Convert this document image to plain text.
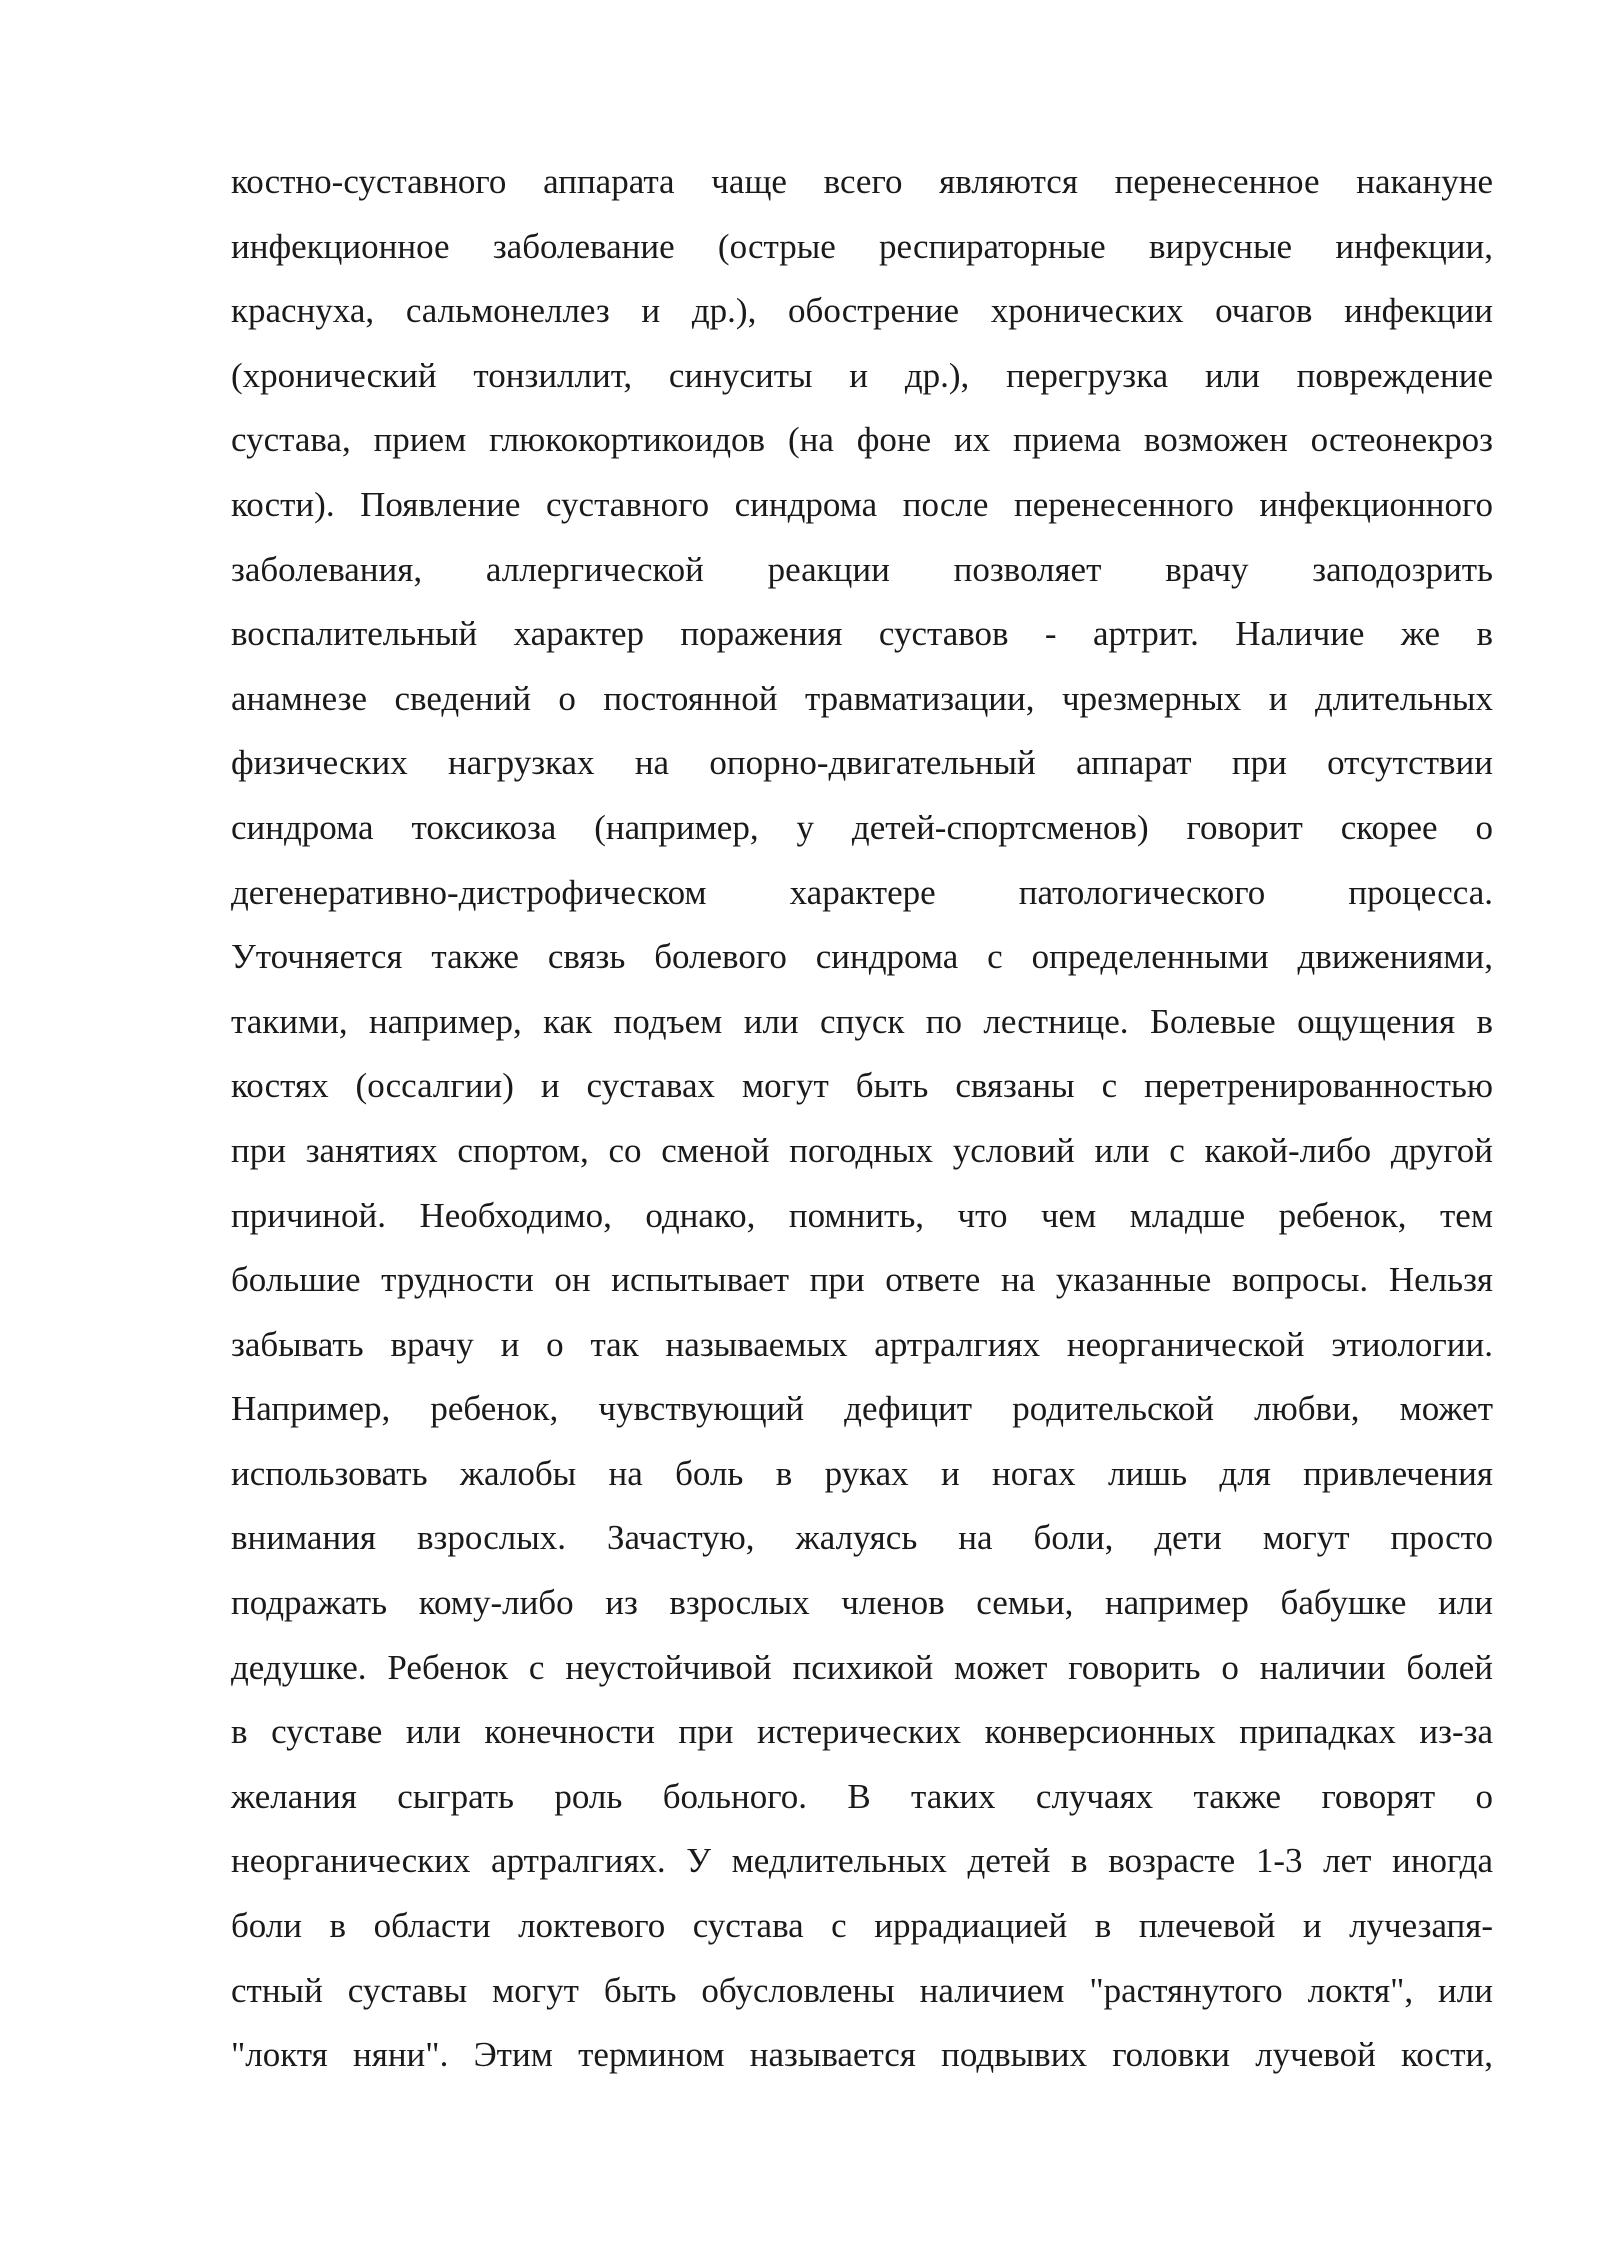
костно-суставного аппарата чаще всего являются перенесенное накануне
инфекционное заболевание (острые респираторные вирусные инфекции,
краснуха, сальмонеллез и др.), обострение хронических очагов инфекции
(хронический тонзиллит, синуситы и др.), перегрузка или повреждение
сустава, прием глюкокортикоидов (на фоне их приема возможен остеонекроз
кости). Появление суставного синдрома после перенесенного инфекционного
заболевания, аллергической реакции позволяет врачу заподозрить
воспалительный характер поражения суставов - артрит. Наличие же в
анамнезе сведений о постоянной травматизации, чрезмерных и длительных
физических нагрузках на опорно-двигательный аппарат при отсутствии
синдрома токсикоза (например, у детей-спортсменов) говорит скорее о
дегенеративно-дистрофическом характере патологического процесса.
Уточняется также связь болевого синдрома с определенными движениями,
такими, например, как подъем или спуск по лестнице. Болевые ощущения в
костях (оссалгии) и суставах могут быть связаны с перетренированностью
при занятиях спортом, со сменой погодных условий или с какой-либо другой
причиной. Необходимо, однако, помнить, что чем младше ребенок, тем
большие трудности он испытывает при ответе на указанные вопросы. Нельзя
забывать врачу и о так называемых артралгиях неорганической этиологии.
Например, ребенок, чувствующий дефицит родительской любви, может
использовать жалобы на боль в руках и ногах лишь для привлечения
внимания взрослых. Зачастую, жалуясь на боли, дети могут просто
подражать кому-либо из взрослых членов семьи, например бабушке или
дедушке. Ребенок с неустойчивой психикой может говорить о наличии болей
в суставе или конечности при истерических конверсионных припадках из-за
желания сыграть роль больного. В таких случаях также говорят о
неорганических артралгиях. У медлительных детей в возрасте 1-3 лет иногда
боли в области локтевого сустава с иррадиацией в плечевой и лучезапя-
стный суставы могут быть обусловлены наличием "растянутого локтя", или
"локтя няни". Этим термином называется подвывих головки лучевой кости,
